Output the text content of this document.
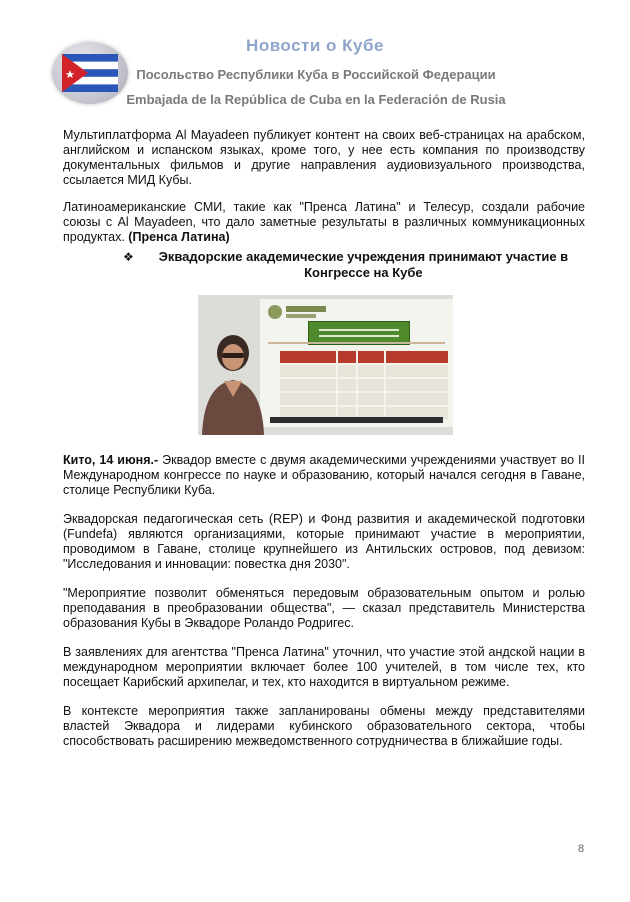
Новости о Кубе
Посольство Республики Куба в Российской Федерации
Embajada de la República de Cuba en la Federación de Rusia

Мультиплатформа Al Mayadeen публикует контент на своих веб-страницах на арабском, английском и испанском языках, кроме того, у нее есть компания по производству документальных фильмов и другие направления аудиовизуального производства, ссылается МИД Кубы.

Латиноамериканские СМИ, такие как "Пренса Латина" и Телесур, создали рабочие союзы с Al Mayadeen, что дало заметные результаты в различных коммуникационных продуктах. (Пренса Латина)

❖	Эквадорские академические учреждения принимают участие в Конгрессе на Кубе

Кито, 14 июня.- Эквадор вместе с двумя академическими учреждениями участвует во II Международном конгрессе по науке и образованию, который начался сегодня в Гаване, столице Республики Куба.

Эквадорская педагогическая сеть (REP) и Фонд развития и академической подготовки (Fundefa) являются организациями, которые принимают участие в мероприятии, проводимом в Гаване, столице крупнейшего из Антильских островов, под девизом: "Исследования и инновации: повестка дня 2030".

"Мероприятие позволит обменяться передовым образовательным опытом и ролью преподавания в преобразовании общества", — сказал представитель Министерства образования Кубы в Эквадоре Роландо Родригес.

В заявлениях для агентства "Пренса Латина" уточнил, что участие этой андской нации в международном мероприятии включает более 100 учителей, в том числе тех, кто посещает Карибский архипелаг, и тех, кто находится в виртуальном режиме.

В контексте мероприятия также запланированы обмены между представителями властей Эквадора и лидерами кубинского образовательного сектора, чтобы способствовать расширению межведомственного сотрудничества в ближайшие годы.

8
